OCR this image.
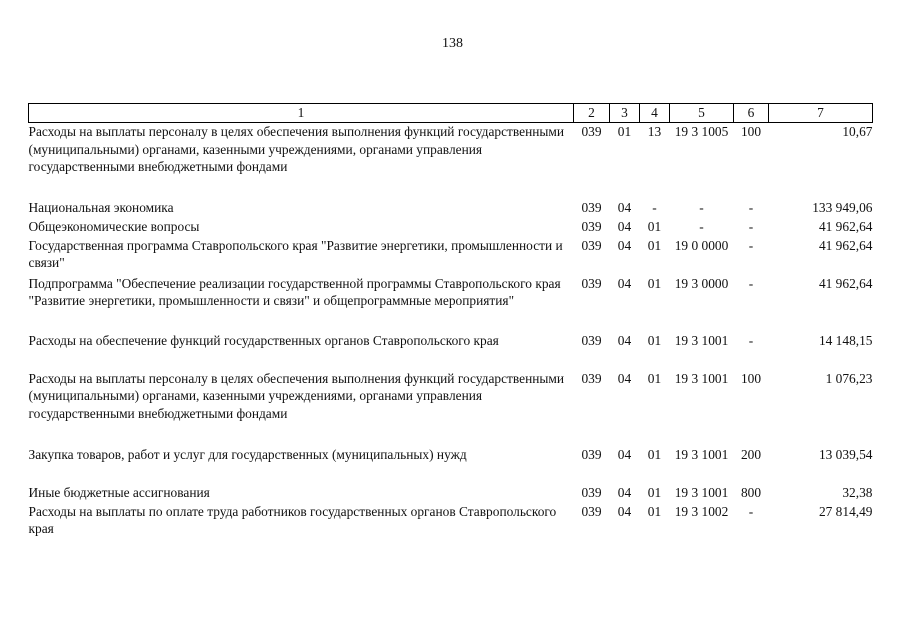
138
1	2	3	4	5	6	7
Расходы на выплаты персоналу в целях обеспечения выполнения функций государственными (муниципальными) органами, казенными учреждениями, органами управления государственными внебюджетными фондами	039	01	13	19 3 1005	100	10,67
Национальная экономика	039	04	-	-	-	133 949,06
Общеэкономические вопросы	039	04	01	-	-	41 962,64
Государственная программа Ставропольского края "Развитие энергетики, промышленности и связи"	039	04	01	19 0 0000	-	41 962,64
Подпрограмма "Обеспечение реализации государственной программы Ставропольского края "Развитие энергетики, промышленности и связи" и общепрограммные мероприятия"	039	04	01	19 3 0000	-	41 962,64
Расходы на обеспечение функций государственных органов Ставропольского края	039	04	01	19 3 1001	-	14 148,15
Расходы на выплаты персоналу в целях обеспечения выполнения функций государственными (муниципальными) органами, казенными учреждениями, органами управления государственными внебюджетными фондами	039	04	01	19 3 1001	100	1 076,23
Закупка товаров, работ и услуг для государственных (муниципальных) нужд	039	04	01	19 3 1001	200	13 039,54
Иные бюджетные ассигнования	039	04	01	19 3 1001	800	32,38
Расходы на выплаты по оплате труда работников государственных органов Ставропольского края	039	04	01	19 3 1002	-	27 814,49
